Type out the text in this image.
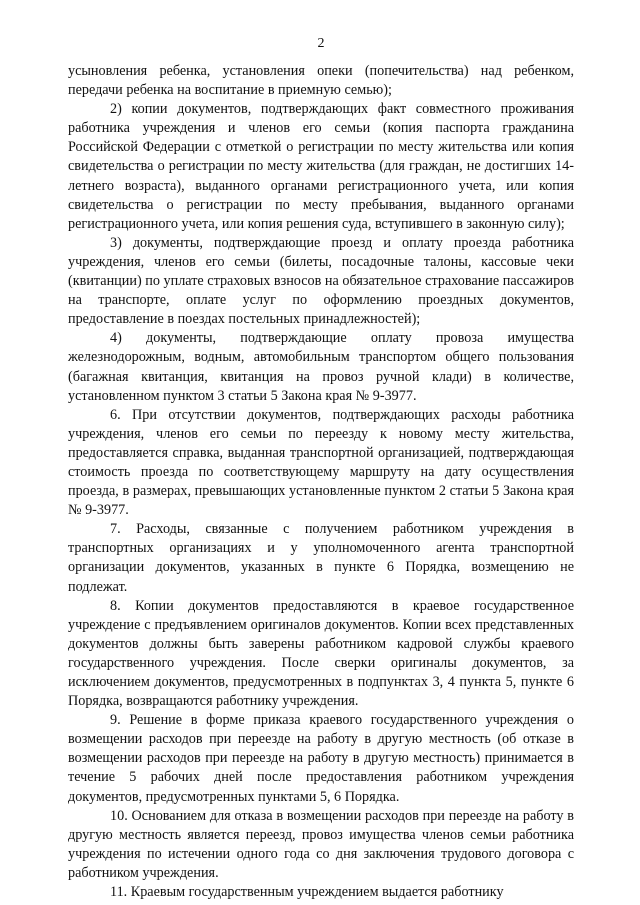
2

усыновления ребенка, установления опеки (попечительства) над ребенком, передачи ребенка на воспитание в приемную семью);

2) копии документов, подтверждающих факт совместного проживания работника учреждения и членов его семьи (копия паспорта гражданина Российской Федерации с отметкой о регистрации по месту жительства или копия свидетельства о регистрации по месту жительства (для граждан, не достигших 14-летнего возраста), выданного органами регистрационного учета, или копия свидетельства о регистрации по месту пребывания, выданного органами регистрационного учета, или копия решения суда, вступившего в законную силу);

3) документы, подтверждающие проезд и оплату проезда работника учреждения, членов его семьи (билеты, посадочные талоны, кассовые чеки (квитанции) по уплате страховых взносов на обязательное страхование пассажиров на транспорте, оплате услуг по оформлению проездных документов, предоставление в поездах постельных принадлежностей);

4) документы, подтверждающие оплату провоза имущества железнодорожным, водным, автомобильным транспортом общего пользования (багажная квитанция, квитанция на провоз ручной клади) в количестве, установленном пунктом 3 статьи 5 Закона края № 9-3977.

6. При отсутствии документов, подтверждающих расходы работника учреждения, членов его семьи по переезду к новому месту жительства, предоставляется справка, выданная транспортной организацией, подтверждающая стоимость проезда по соответствующему маршруту на дату осуществления проезда, в размерах, превышающих установленные пунктом 2 статьи 5 Закона края № 9-3977.

7. Расходы, связанные с получением работником учреждения в транспортных организациях и у уполномоченного агента транспортной организации документов, указанных в пункте 6 Порядка, возмещению не подлежат.

8. Копии документов предоставляются в краевое государственное учреждение с предъявлением оригиналов документов. Копии всех представленных документов должны быть заверены работником кадровой службы краевого государственного учреждения. После сверки оригиналы документов, за исключением документов, предусмотренных в подпунктах 3, 4 пункта 5, пункте 6 Порядка, возвращаются работнику учреждения.

9. Решение в форме приказа краевого государственного учреждения о возмещении расходов при переезде на работу в другую местность (об отказе в возмещении расходов при переезде на работу в другую местность) принимается в течение 5 рабочих дней после предоставления работником учреждения документов, предусмотренных пунктами 5, 6 Порядка.

10. Основанием для отказа в возмещении расходов при переезде на работу в другую местность является переезд, провоз имущества членов семьи работника учреждения по истечении одного года со дня заключения трудового договора с работником учреждения.

11. Краевым государственным учреждением выдается работнику
